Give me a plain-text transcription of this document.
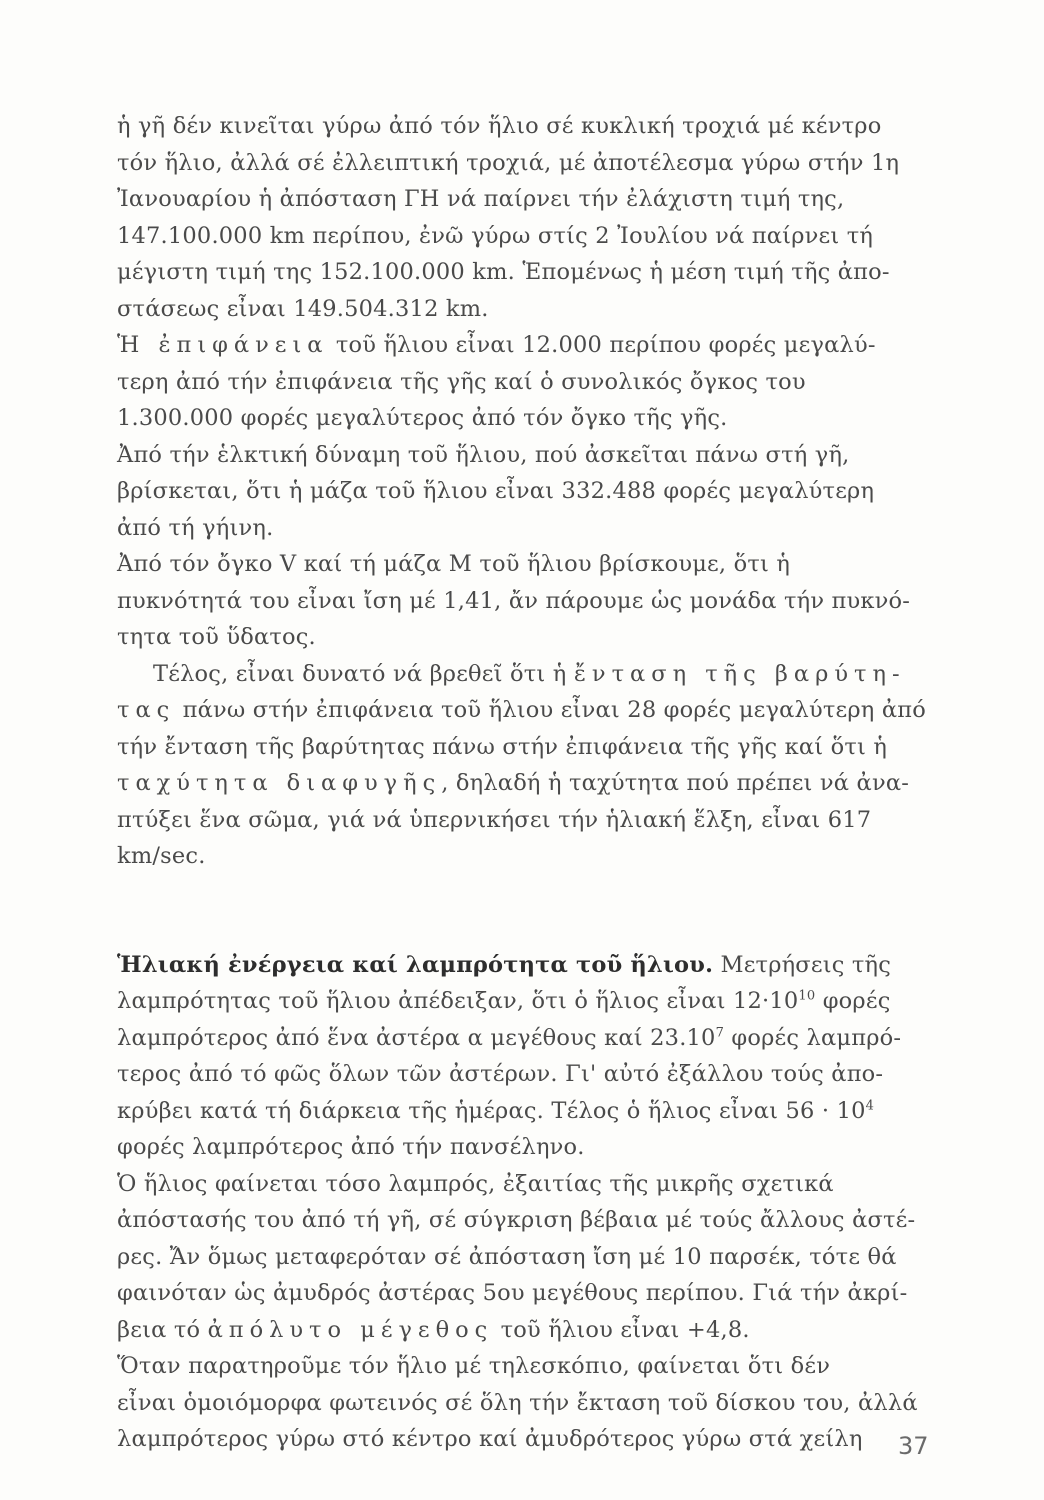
ἡ γῆ δέν κινεῖται γύρω ἀπό τόν ἥλιο σέ κυκλική τροχιά μέ κέντρο
τόν ἥλιο, ἀλλά σέ ἐλλειπτική τροχιά, μέ ἀποτέλεσμα γύρω στήν 1η
Ἰανουαρίου ἡ ἀπόσταση ΓΗ νά παίρνει τήν ἐλάχιστη τιμή της,
147.100.000 km περίπου, ἐνῶ γύρω στίς 2 Ἰουλίου νά παίρνει τή
μέγιστη τιμή της 152.100.000 km. Ἑπομένως ἡ μέση τιμή τῆς ἀπο-
στάσεως εἶναι 149.504.312 km.
Ἡ ἐπιφάνεια τοῦ ἥλιου εἶναι 12.000 περίπου φορές μεγαλύ-
τερη ἀπό τήν ἐπιφάνεια τῆς γῆς καί ὁ συνολικός ὄγκος του
1.300.000 φορές μεγαλύτερος ἀπό τόν ὄγκο τῆς γῆς.
Ἀπό τήν ἑλκτική δύναμη τοῦ ἥλιου, πού ἀσκεῖται πάνω στή γῆ,
βρίσκεται, ὅτι ἡ μάζα τοῦ ἥλιου εἶναι 332.488 φορές μεγαλύτερη
ἀπό τή γήινη.
Ἀπό τόν ὄγκο V καί τή μάζα Μ τοῦ ἥλιου βρίσκουμε, ὅτι ἡ
πυκνότητά του εἶναι ἴση μέ 1,41, ἄν πάρουμε ὡς μονάδα τήν πυκνό-
τητα τοῦ ὕδατος.
Τέλος, εἶναι δυνατό νά βρεθεῖ ὅτι ἡ ἔνταση τῆς βαρύτη-
τας πάνω στήν ἐπιφάνεια τοῦ ἥλιου εἶναι 28 φορές μεγαλύτερη ἀπό
τήν ἔνταση τῆς βαρύτητας πάνω στήν ἐπιφάνεια τῆς γῆς καί ὅτι ἡ
ταχύτητα διαφυγῆς, δηλαδή ἡ ταχύτητα πού πρέπει νά ἀνα-
πτύξει ἕνα σῶμα, γιά νά ὑπερνικήσει τήν ἡλιακή ἕλξη, εἶναι 617
km/sec.
Ἡλιακή ἐνέργεια καί λαμπρότητα τοῦ ἥλιου. Μετρήσεις τῆς
λαμπρότητας τοῦ ἥλιου ἀπέδειξαν, ὅτι ὁ ἥλιος εἶναι $12\cdot 10^{10}$ φορές
λαμπρότερος ἀπό ἕνα ἀστέρα α μεγέθους καί 23.10$^7$ φορές λαμπρό-
τερος ἀπό τό φῶς ὅλων τῶν ἀστέρων. Γι' αὐτό ἐξάλλου τούς ἀπο-
κρύβει κατά τή διάρκεια τῆς ἡμέρας. Τέλος ὁ ἥλιος εἶναι $56 \cdot 10^4$
φορές λαμπρότερος ἀπό τήν πανσέληνο.
Ὁ ἥλιος φαίνεται τόσο λαμπρός, ἐξαιτίας τῆς μικρῆς σχετικά
ἀπόστασής του ἀπό τή γῆ, σέ σύγκριση βέβαια μέ τούς ἄλλους ἀστέ-
ρες. Ἄν ὅμως μεταφερόταν σέ ἀπόσταση ἴση μέ 10 παρσέκ, τότε θά
φαινόταν ὡς ἀμυδρός ἀστέρας 5ου μεγέθους περίπου. Γιά τήν ἀκρί-
βεια τό ἀπόλυτο μέγεθος τοῦ ἥλιου εἶναι +4,8.
Ὅταν παρατηροῦμε τόν ἥλιο μέ τηλεσκόπιο, φαίνεται ὅτι δέν
εἶναι ὁμοιόμορφα φωτεινός σέ ὅλη τήν ἔκταση τοῦ δίσκου του, ἀλλά
λαμπρότερος γύρω στό κέντρο καί ἀμυδρότερος γύρω στά χείλη	37
